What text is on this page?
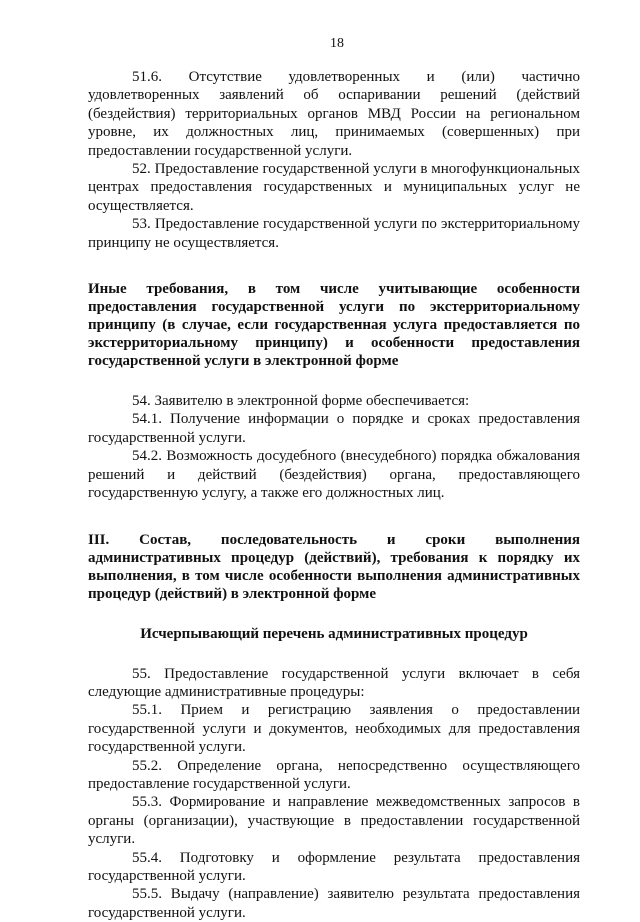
18

51.6. Отсутствие удовлетворенных и (или) частично удовлетворенных заявлений об оспаривании решений (действий (бездействия) территориальных органов МВД России на региональном уровне, их должностных лиц, принимаемых (совершенных) при предоставлении государственной услуги.

52. Предоставление государственной услуги в многофункциональных центрах предоставления государственных и муниципальных услуг не осуществляется.

53. Предоставление государственной услуги по экстерриториальному принципу не осуществляется.

Иные требования, в том числе учитывающие особенности предоставления государственной услуги по экстерриториальному принципу (в случае, если государственная услуга предоставляется по экстерриториальному принципу) и особенности предоставления государственной услуги в электронной форме

54. Заявителю в электронной форме обеспечивается:

54.1. Получение информации о порядке и сроках предоставления государственной услуги.

54.2. Возможность досудебного (внесудебного) порядка обжалования решений и действий (бездействия) органа, предоставляющего государственную услугу, а также его должностных лиц.

III. Состав, последовательность и сроки выполнения административных процедур (действий), требования к порядку их выполнения, в том числе особенности выполнения административных процедур (действий) в электронной форме

Исчерпывающий перечень административных процедур

55. Предоставление государственной услуги включает в себя следующие административные процедуры:

55.1. Прием и регистрацию заявления о предоставлении государственной услуги и документов, необходимых для предоставления государственной услуги.

55.2. Определение органа, непосредственно осуществляющего предоставление государственной услуги.

55.3. Формирование и направление межведомственных запросов в органы (организации), участвующие в предоставлении государственной услуги.

55.4. Подготовку и оформление результата предоставления государственной услуги.

55.5. Выдачу (направление) заявителю результата предоставления государственной услуги.
